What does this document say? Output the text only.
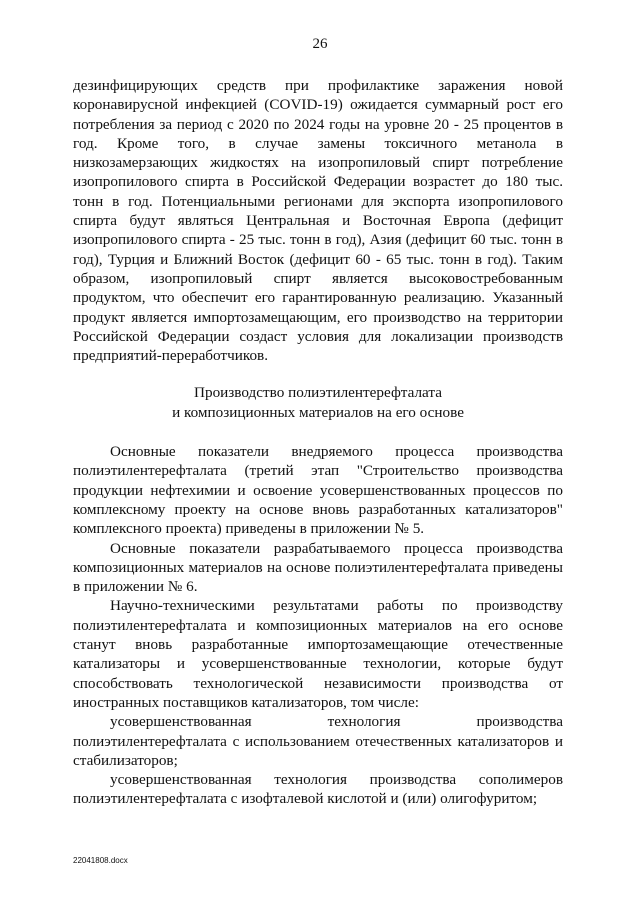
26

дезинфицирующих средств при профилактике заражения новой коронавирусной инфекцией (COVID-19) ожидается суммарный рост его потребления за период с 2020 по 2024 годы на уровне 20 - 25 процентов в год. Кроме того, в случае замены токсичного метанола в низкозамерзающих жидкостях на изопропиловый спирт потребление изопропилового спирта в Российской Федерации возрастет до 180 тыс. тонн в год. Потенциальными регионами для экспорта изопропилового спирта будут являться Центральная и Восточная Европа (дефицит изопропилового спирта - 25 тыс. тонн в год), Азия (дефицит 60 тыс. тонн в год), Турция и Ближний Восток (дефицит 60 - 65 тыс. тонн в год). Таким образом, изопропиловый спирт является высоковостребованным продуктом, что обеспечит его гарантированную реализацию. Указанный продукт является импортозамещающим, его производство на территории Российской Федерации создаст условия для локализации производств предприятий-переработчиков.

Производство полиэтилентерефталата
и композиционных материалов на его основе

Основные показатели внедряемого процесса производства полиэтилентерефталата (третий этап "Строительство производства продукции нефтехимии и освоение усовершенствованных процессов по комплексному проекту на основе вновь разработанных катализаторов" комплексного проекта) приведены в приложении № 5.

Основные показатели разрабатываемого процесса производства композиционных материалов на основе полиэтилентерефталата приведены в приложении № 6.

Научно-техническими результатами работы по производству полиэтилентерефталата и композиционных материалов на его основе станут вновь разработанные импортозамещающие отечественные катализаторы и усовершенствованные технологии, которые будут способствовать технологической независимости производства от иностранных поставщиков катализаторов, том числе:

усовершенствованная технология производства полиэтилентерефталата с использованием отечественных катализаторов и стабилизаторов;

усовершенствованная технология производства сополимеров полиэтилентерефталата с изофталевой кислотой и (или) олигофуритом;

22041808.docx
